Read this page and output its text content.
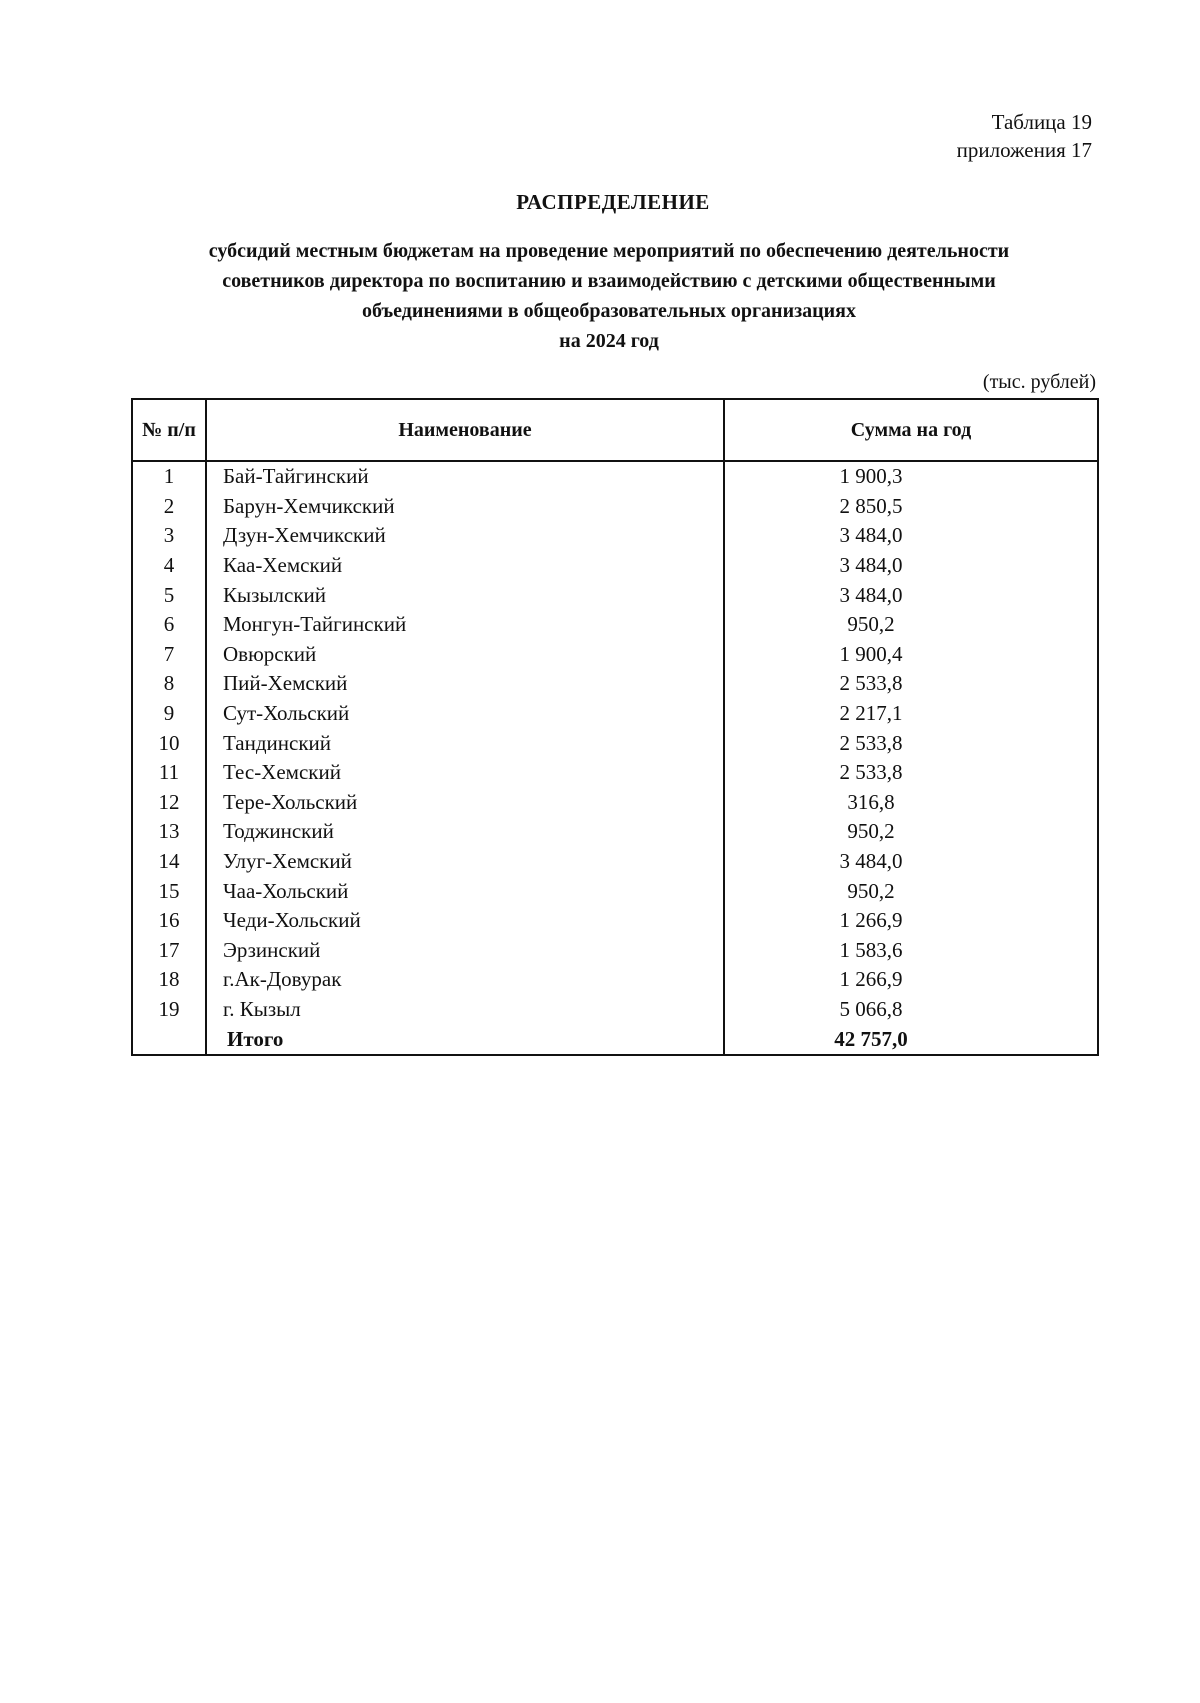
Таблица 19
приложения 17
РАСПРЕДЕЛЕНИЕ
субсидий местным бюджетам на проведение мероприятий по обеспечению деятельности
советников директора по воспитанию и взаимодействию с детскими общественными
объединениями в общеобразовательных организациях
на 2024 год
(тыс. рублей)
№ п/п	Наименование	Сумма на год
1	Бай-Тайгинский	1 900,3
2	Барун-Хемчикский	2 850,5
3	Дзун-Хемчикский	3 484,0
4	Каа-Хемский	3 484,0
5	Кызылский	3 484,0
6	Монгун-Тайгинский	950,2
7	Овюрский	1 900,4
8	Пий-Хемский	2 533,8
9	Сут-Хольский	2 217,1
10	Тандинский	2 533,8
11	Тес-Хемский	2 533,8
12	Тере-Хольский	316,8
13	Тоджинский	950,2
14	Улуг-Хемский	3 484,0
15	Чаа-Хольский	950,2
16	Чеди-Хольский	1 266,9
17	Эрзинский	1 583,6
18	г.Ак-Довурак	1 266,9
19	г. Кызыл	5 066,8
	Итого	42 757,0
